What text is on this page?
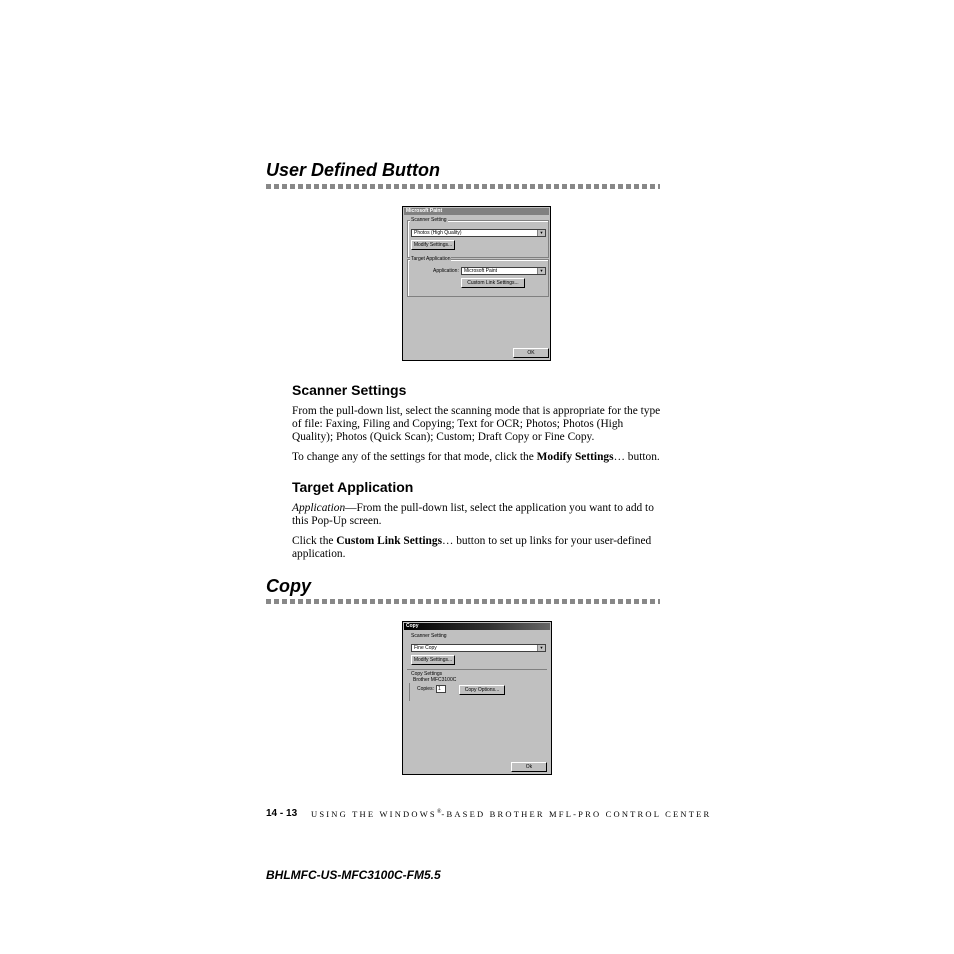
User Defined Button
Microsoft Paint
Scanner Setting
Photos (High Quality)	▼
Modify Settings...
Target Application
Application:	Microsoft Paint	▼
Custom Link Settings...
OK
Scanner Settings
From the pull-down list, select the scanning mode that is appropriate for the type of file: Faxing, Filing and Copying; Text for OCR; Photos; Photos (High Quality); Photos (Quick Scan); Custom; Draft Copy or Fine Copy.
To change any of the settings for that mode, click the Modify Settings… button.
Target Application
Application—From the pull-down list, select the application you want to add to this Pop-Up screen.
Click the Custom Link Settings… button to set up links for your user-defined application.
Copy
Copy
Scanner Setting
Fine Copy	▼
Modify Settings...
Copy Settings
Brother MFC3100C
Copies: 1	Copy Options...
Ok
14 - 13 USING THE WINDOWS®-BASED BROTHER MFL-PRO CONTROL CENTER
BHLMFC-US-MFC3100C-FM5.5
